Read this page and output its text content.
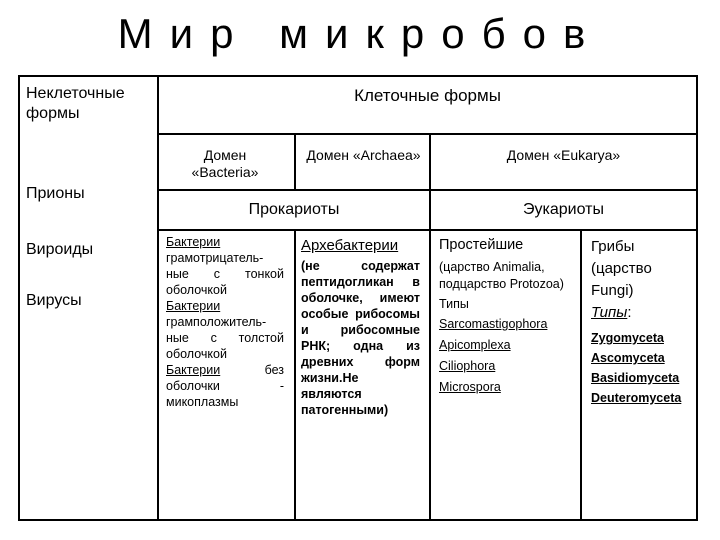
Мир микробов
Неклеточные формы
Прионы
Вироиды
Вирусы
Клеточные формы
Домен «Bacteria»
Домен «Archaea»	Домен «Eukarya»
Прокариоты	Эукариоты
Бактерии
грамотрицатель-ные с тонкой оболочкой
Бактерии
грамположитель-ные с толстой оболочкой
Бактерии без оболочки - микоплазмы
Архебактерии
(не содержат пептидогликан в оболочке, имеют особые рибосомы и рибосомные РНК; одна из древних форм жизни.Не являются патогенными)
Простейшие
(царство Animalia, подцарство Protozoa)
Типы
Sarcomastigophora
Apicomplexa
Ciliophora
Microspora
Грибы (царство Fungi)
Типы:
Zygomyceta
Ascomyceta
Basidiomyceta
Deuteromyceta
